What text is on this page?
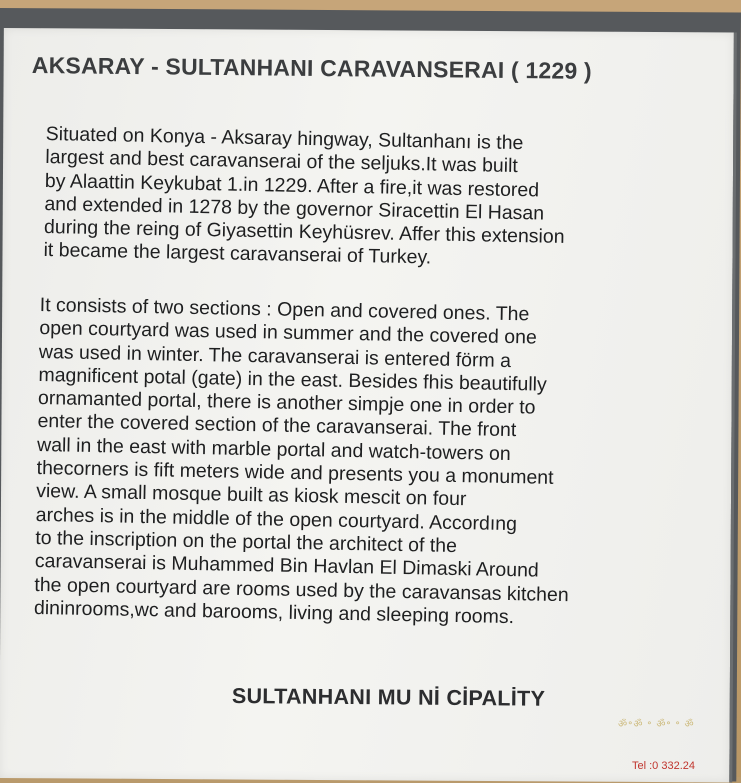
AKSARAY - SULTANHANI CARAVANSERAI ( 1229 )

Situated on Konya - Aksaray hingway, Sultanhanı is the
largest and best caravanserai of the seljuks.It was built
by Alaattin Keykubat 1.in 1229. After a fire,it was restored
and extended in 1278 by the governor Siracettin El Hasan
during the reing of Giyasettin Keyhüsrev. Affer this extension
it became the largest caravanserai of Turkey.

It consists of two sections : Open and covered ones. The
open courtyard was used in summer and the covered one
was used in winter. The caravanserai is entered förm a
magnificent potal (gate) in the east. Besides fhis beautifully
ornamanted portal, there is another simpje one in order to
enter the covered section of the caravanserai. The front
wall in the east with marble portal and watch-towers on
thecorners is fift meters wide and presents you a monument
view. A small mosque built as kiosk mescit on four
arches is in the middle of the open courtyard. Accordıng
to the inscription on the portal the architect of the
caravanserai is Muhammed Bin Havlan El Dimaski Around
the open courtyard are rooms used by the caravansas kitchen
dininrooms,wc and barooms, living and sleeping rooms.

SULTANHANI MU Nİ CİPALİTY
ॐ॰ॐ ॰ ॐ॰ ॰ ॐ
Tel :0 332.24
